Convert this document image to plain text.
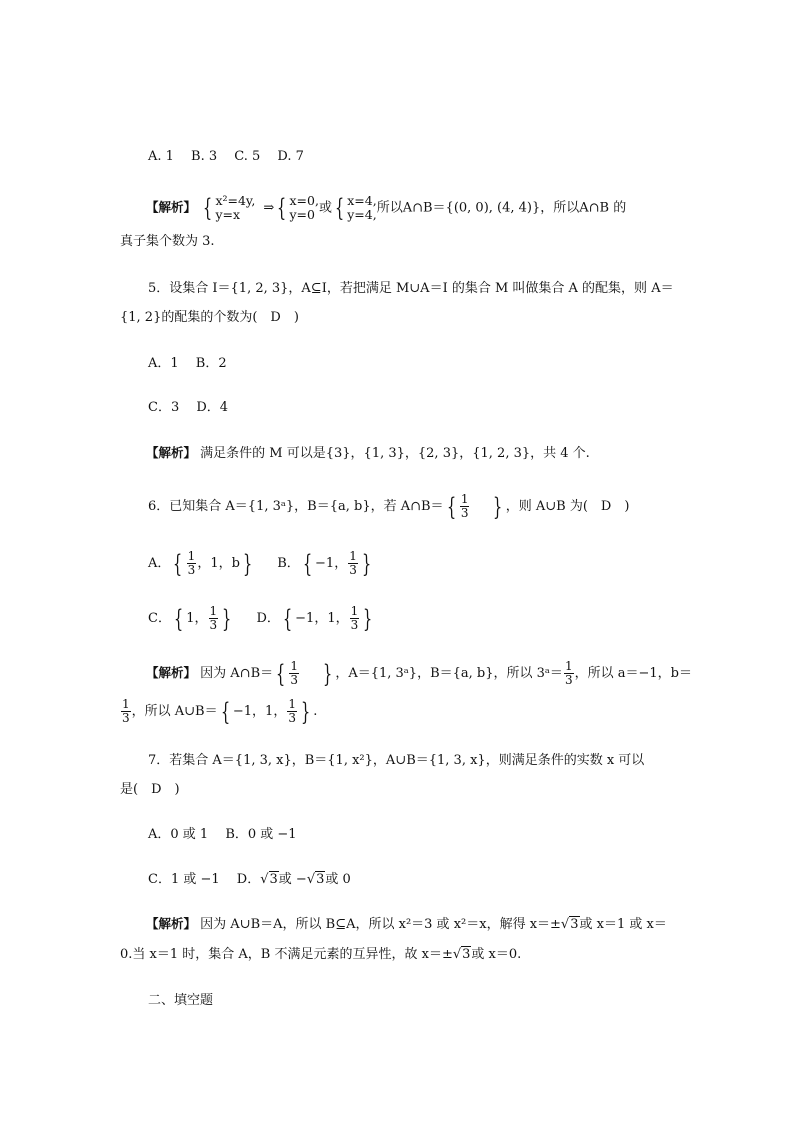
A. 1　 B. 3　 C. 5　 D. 7
【解析】 { x²=4y,
y=x	⇒ { x=0,
y=0 或 { x=4,
y=4, 所以A∩B＝{(0, 0), (4, 4)}，所以A∩B 的
真子集个数为 3.
5．设集合 I＝{1, 2, 3}，A⊆I，若把满足 M∪A＝I 的集合 M 叫做集合 A 的配集，则 A＝
{1, 2}的配集的个数为(　D　)
A．1　 B．2
C．3　 D．4
【解析】 满足条件的 M 可以是{3}，{1, 3}，{2, 3}，{1, 2, 3}，共 4 个.
6．已知集合 A＝{1, 3ᵃ}，B＝{a, b}，若 A∩B＝ { $\frac{1}{3}$ } ，则 A∪B 为(　D　)
A． { $\frac{1}{3}$ ，1，b } B． { −1， $\frac{1}{3}$ }
C． { 1， $\frac{1}{3}$ } D． { −1，1， $\frac{1}{3}$ }
【解析】 因为 A∩B＝ { $\frac{1}{3}$ } ，A＝{1, 3ᵃ}，B＝{a, b}，所以 3ᵃ＝ $\frac{1}{3}$ ，所以 a＝−1，b＝
$\frac{1}{3}$ ，所以 A∪B＝ { −1，1， $\frac{1}{3}$ } .
7．若集合 A＝{1, 3, x}，B＝{1, x²}，A∪B＝{1, 3, x}，则满足条件的实数 x 可以
是(　D　)
A．0 或 1　 B．0 或 −1
C．1 或 −1　 D．√3或 −√3或 0
【解析】 因为 A∪B＝A，所以 B⊆A，所以 x²＝3 或 x²＝x，解得 x＝±√3或 x＝1 或 x＝
0.当 x＝1 时，集合 A，B 不满足元素的互异性，故 x＝±√3或 x＝0.
二、填空题
